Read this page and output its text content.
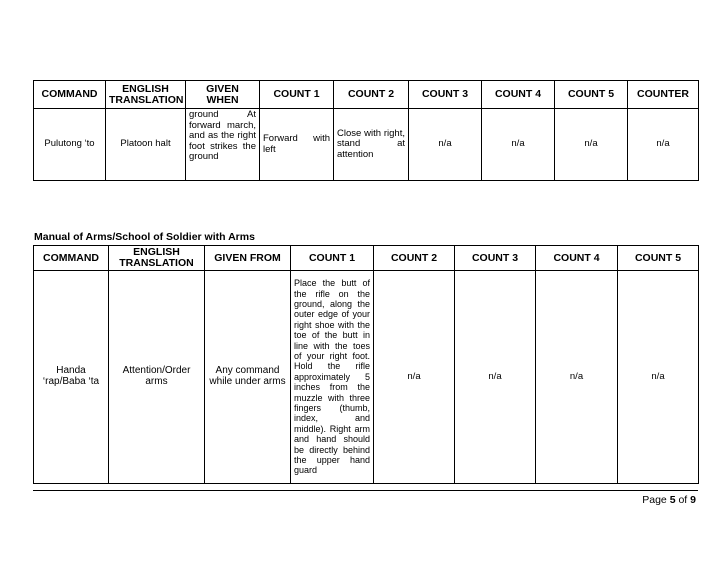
COMMAND	ENGLISH TRANSLATION	GIVEN WHEN	COUNT 1	COUNT 2	COUNT 3	COUNT 4	COUNT 5	COUNTER
Pulutong ‘to	Platoon halt	ground At forward march, and as the right foot strikes the ground	Forward with left	Close with right, stand at attention	n/a	n/a	n/a	n/a
Manual of Arms/School of Soldier with Arms
COMMAND	ENGLISH TRANSLATION	GIVEN FROM	COUNT 1	COUNT 2	COUNT 3	COUNT 4	COUNT 5
Handa ‘rap/Baba ‘ta	Attention/Order arms	Any command while under arms	Place the butt of the rifle on the ground, along the outer edge of your right shoe with the toe of the butt in line with the toes of your right foot. Hold the rifle approximately 5 inches from the muzzle with three fingers (thumb, index, and middle). Right arm and hand should be directly behind the upper hand guard	n/a	n/a	n/a	n/a
Page 5 of 9
